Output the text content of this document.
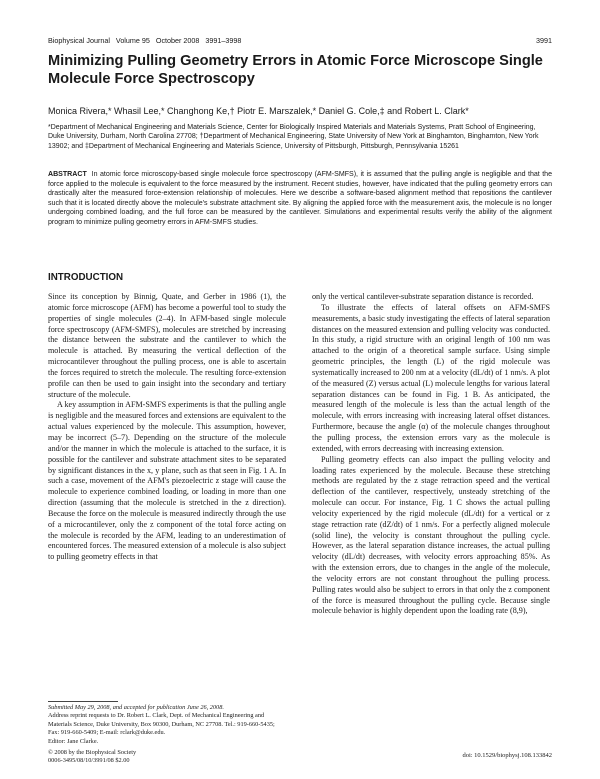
Biophysical Journal   Volume 95   October 2008   3991–3998	3991
Minimizing Pulling Geometry Errors in Atomic Force Microscope Single Molecule Force Spectroscopy
Monica Rivera,* Whasil Lee,* Changhong Ke,† Piotr E. Marszalek,* Daniel G. Cole,‡ and Robert L. Clark*
*Department of Mechanical Engineering and Materials Science, Center for Biologically Inspired Materials and Materials Systems, Pratt School of Engineering, Duke University, Durham, North Carolina 27708; †Department of Mechanical Engineering, State University of New York at Binghamton, Binghamton, New York 13902; and ‡Department of Mechanical Engineering and Materials Science, University of Pittsburgh, Pittsburgh, Pennsylvania 15261
ABSTRACT In atomic force microscopy-based single molecule force spectroscopy (AFM-SMFS), it is assumed that the pulling angle is negligible and that the force applied to the molecule is equivalent to the force measured by the instrument. Recent studies, however, have indicated that the pulling geometry errors can drastically alter the measured force-extension relationship of molecules. Here we describe a software-based alignment method that repositions the cantilever such that it is located directly above the molecule's substrate attachment site. By aligning the applied force with the measurement axis, the molecule is no longer undergoing combined loading, and the full force can be measured by the cantilever. Simulations and experimental results verify the ability of the alignment program to minimize pulling geometry errors in AFM-SMFS studies.
INTRODUCTION

Since its conception by Binnig, Quate, and Gerber in 1986 (1), the atomic force microscope (AFM) has become a powerful tool to study the properties of single molecules (2–4). In AFM-based single molecule force spectroscopy (AFM-SMFS), molecules are stretched by increasing the distance between the substrate and the cantilever to which the molecule is attached. By measuring the vertical deflection of the microcantilever throughout the pulling process, one is able to ascertain the forces required to stretch the molecule. The resulting force-extension profile can then be used to gain insight into the secondary and tertiary structure of the molecule.

A key assumption in AFM-SMFS experiments is that the pulling angle is negligible and the measured forces and extensions are equivalent to the actual values experienced by the molecule. This assumption, however, may be incorrect (5–7). Depending on the structure of the molecule and/or the manner in which the molecule is attached to the surface, it is possible for the cantilever and substrate attachment sites to be separated by significant distances in the x, y plane, such as that seen in Fig. 1 A. In such a case, movement of the AFM's piezoelectric z stage will cause the molecule to experience combined loading, or loading in more than one direction (assuming that the molecule is stretched in the z direction). Because the force on the molecule is measured indirectly through the use of a microcantilever, only the z component of the total force acting on the molecule is recorded by the AFM, leading to an underestimation of encountered forces. The measured extension of a molecule is also subject to pulling geometry effects in that

only the vertical cantilever-substrate separation distance is recorded.

To illustrate the effects of lateral offsets on AFM-SMFS measurements, a basic study investigating the effects of lateral separation distances on the measured extension and pulling velocity was conducted. In this study, a rigid structure with an original length of 100 nm was attached to the origin of a theoretical sample surface. Using simple geometric principles, the length (L) of the rigid molecule was systematically increased to 200 nm at a velocity (dL/dt) of 1 nm/s. A plot of the measured (Z) versus actual (L) molecule lengths for various lateral separation distances can be found in Fig. 1 B. As anticipated, the measured length of the molecule is less than the actual length of the molecule, with errors increasing with increasing lateral offset distances. Furthermore, because the angle (α) of the molecule changes throughout the pulling process, the extension errors vary as the molecule is extended, with errors decreasing with increasing extension.

Pulling geometry effects can also impact the pulling velocity and loading rates experienced by the molecule. Because these stretching methods are regulated by the z stage retraction speed and the vertical deflection of the cantilever, respectively, unsteady stretching of the molecule can occur. For instance, Fig. 1 C shows the actual pulling velocity experienced by the rigid molecule (dL/dt) for a vertical or z stage retraction rate (dZ/dt) of 1 nm/s. For a perfectly aligned molecule (solid line), the velocity is constant throughout the pulling cycle. However, as the lateral separation distance increases, the actual pulling velocity (dL/dt) decreases, with velocity errors approaching 85%. As with the extension errors, due to changes in the angle of the molecule, the velocity errors are not constant throughout the pulling process. Pulling rates would also be subject to errors in that only the z component of the force is measured throughout the pulling cycle. Because single molecule behavior is highly dependent upon the loading rate (8,9),

Submitted May 29, 2008, and accepted for publication June 26, 2008.
Address reprint requests to Dr. Robert L. Clark, Dept. of Mechanical Engineering and Materials Science, Duke University, Box 90300, Durham, NC 27708. Tel.: 919-660-5435; Fax: 919-660-5409; E-mail: rclark@duke.edu.
Editor: Jane Clarke.
© 2008 by the Biophysical Society
0006-3495/08/10/3991/08 $2.00
doi: 10.1529/biophysj.108.133842
